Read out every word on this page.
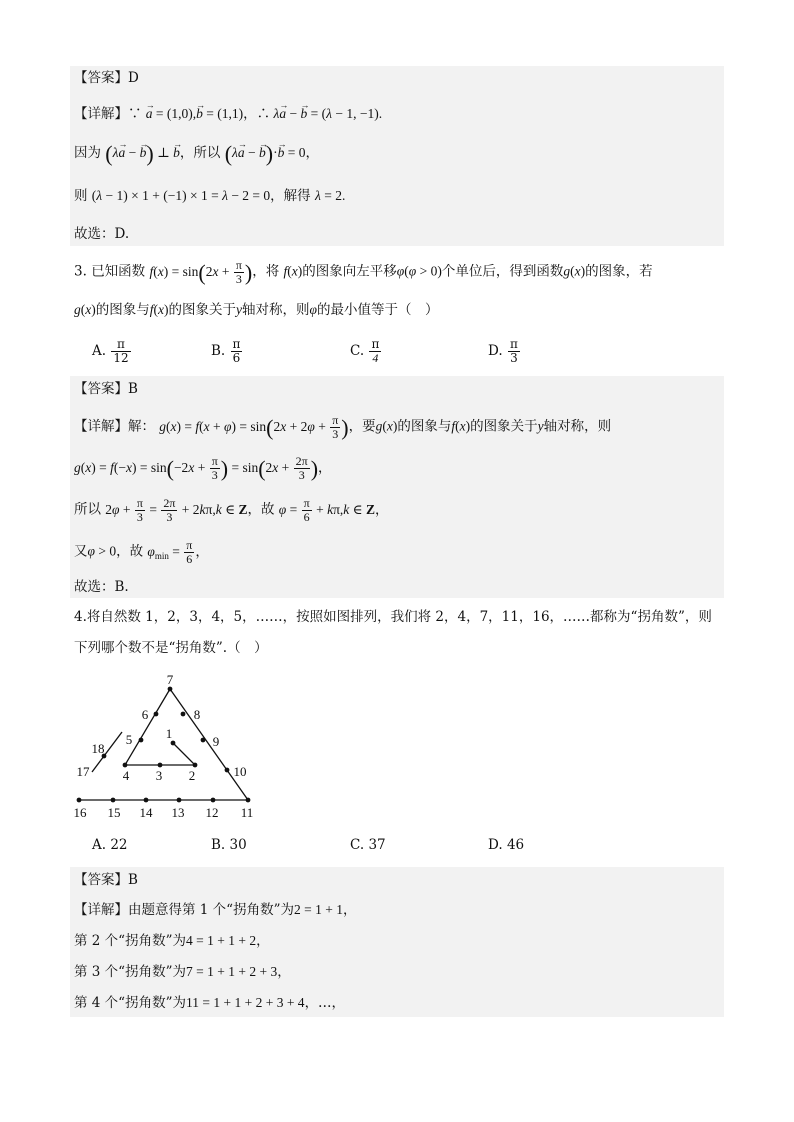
【答案】D
【详解】∵ → a = (1,0),→ b = (1,1)，∴ λ→ a − → b = (λ − 1, −1).
因为 (λ→ a − → b) ⊥ → b，所以 (λ→ a − → b)·→ b = 0，
则 (λ − 1) × 1 + (−1) × 1 = λ − 2 = 0，解得 λ = 2.
故选：D.
3. 已知函数 $f(x) = \sin(2x + \frac{\pi}{3}$ )，将 f(x)的图象向左平移φ(φ > 0)个单位后，得到函数g(x)的图象，若
g(x)的图象与f(x)的图象关于y轴对称，则φ的最小值等于（　）
A. $\frac{\pi}{12}$	B. $\frac{\pi}{6}$	C. $\frac{\pi}{4}$	D. $\frac{\pi}{3}$
【答案】B
【详解】解： $g(x) = f(x + \varphi) = \sin(2x + 2\varphi + \frac{\pi}{3}$ )，要g(x)的图象与f(x)的图象关于y轴对称，则
$g(x) = f(-x) = \sin(-2x + \frac{\pi}{3}$ ) = $\sin(2x + \frac{2\pi}{3}$ )，
所以 $2\varphi + \frac{\pi}{3} = \frac{2\pi}{3} + 2k\pi,k$ ∈ Z，故 $\varphi = \frac{\pi}{6} + k\pi,k$ ∈ Z，
又φ > 0，故 $\varphi_{min} = \frac{\pi}{6}$ ，
故选：B.
4.将自然数 1，2，3，4，5，……，按照如图排列，我们将 2，4，7，11，16，……都称为“拐角数”，则
下列哪个数不是“拐角数”.（　）
1
2
3
4
5
6
7
8
9
10
11
12
13
14
15
16
17
18
A. 22	B. 30	C. 37	D. 46
【答案】B
【详解】由题意得第 1 个“拐角数”为2 = 1 + 1，
第 2 个“拐角数”为4 = 1 + 1 + 2，
第 3 个“拐角数”为7 = 1 + 1 + 2 + 3，
第 4 个“拐角数”为11 = 1 + 1 + 2 + 3 + 4，…，
